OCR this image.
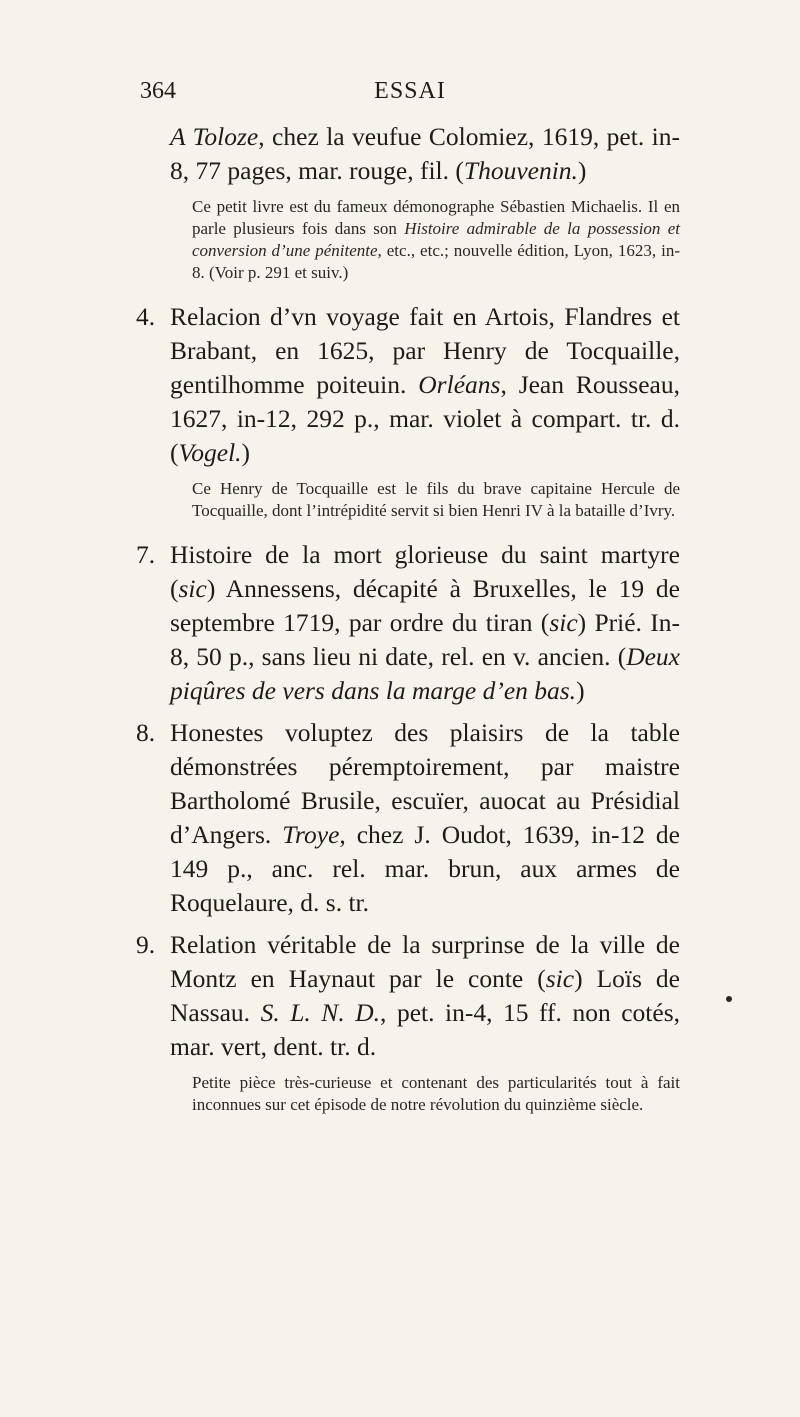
364	ESSAI

A Toloze, chez la veufue Colomiez, 1619, pet. in-8, 77 pages, mar. rouge, fil. (Thouvenin.)

Ce petit livre est du fameux démonographe Sébastien Michaelis. Il en parle plusieurs fois dans son Histoire admirable de la possession et conversion d’une pénitente, etc., etc.; nouvelle édition, Lyon, 1623, in-8. (Voir p. 291 et suiv.)

4. Relacion d’vn voyage fait en Artois, Flandres et Brabant, en 1625, par Henry de Tocquaille, gentilhomme poiteuin. Orléans, Jean Rousseau, 1627, in-12, 292 p., mar. violet à compart. tr. d. (Vogel.)

Ce Henry de Tocquaille est le fils du brave capitaine Hercule de Tocquaille, dont l’intrépidité servit si bien Henri IV à la bataille d’Ivry.

7. Histoire de la mort glorieuse du saint martyre (sic) Annessens, décapité à Bruxelles, le 19 de septembre 1719, par ordre du tiran (sic) Prié. In-8, 50 p., sans lieu ni date, rel. en v. ancien. (Deux piqûres de vers dans la marge d’en bas.)

8. Honestes voluptez des plaisirs de la table démonstrées péremptoirement, par maistre Bartholomé Brusile, escuïer, auocat au Présidial d’Angers. Troye, chez J. Oudot, 1639, in-12 de 149 p., anc. rel. mar. brun, aux armes de Roquelaure, d. s. tr.

9. Relation véritable de la surprinse de la ville de Montz en Haynaut par le conte (sic) Loïs de Nassau. S. L. N. D., pet. in-4, 15 ff. non cotés, mar. vert, dent. tr. d.

Petite pièce très-curieuse et contenant des particularités tout à fait inconnues sur cet épisode de notre révolution du quinzième siècle.
